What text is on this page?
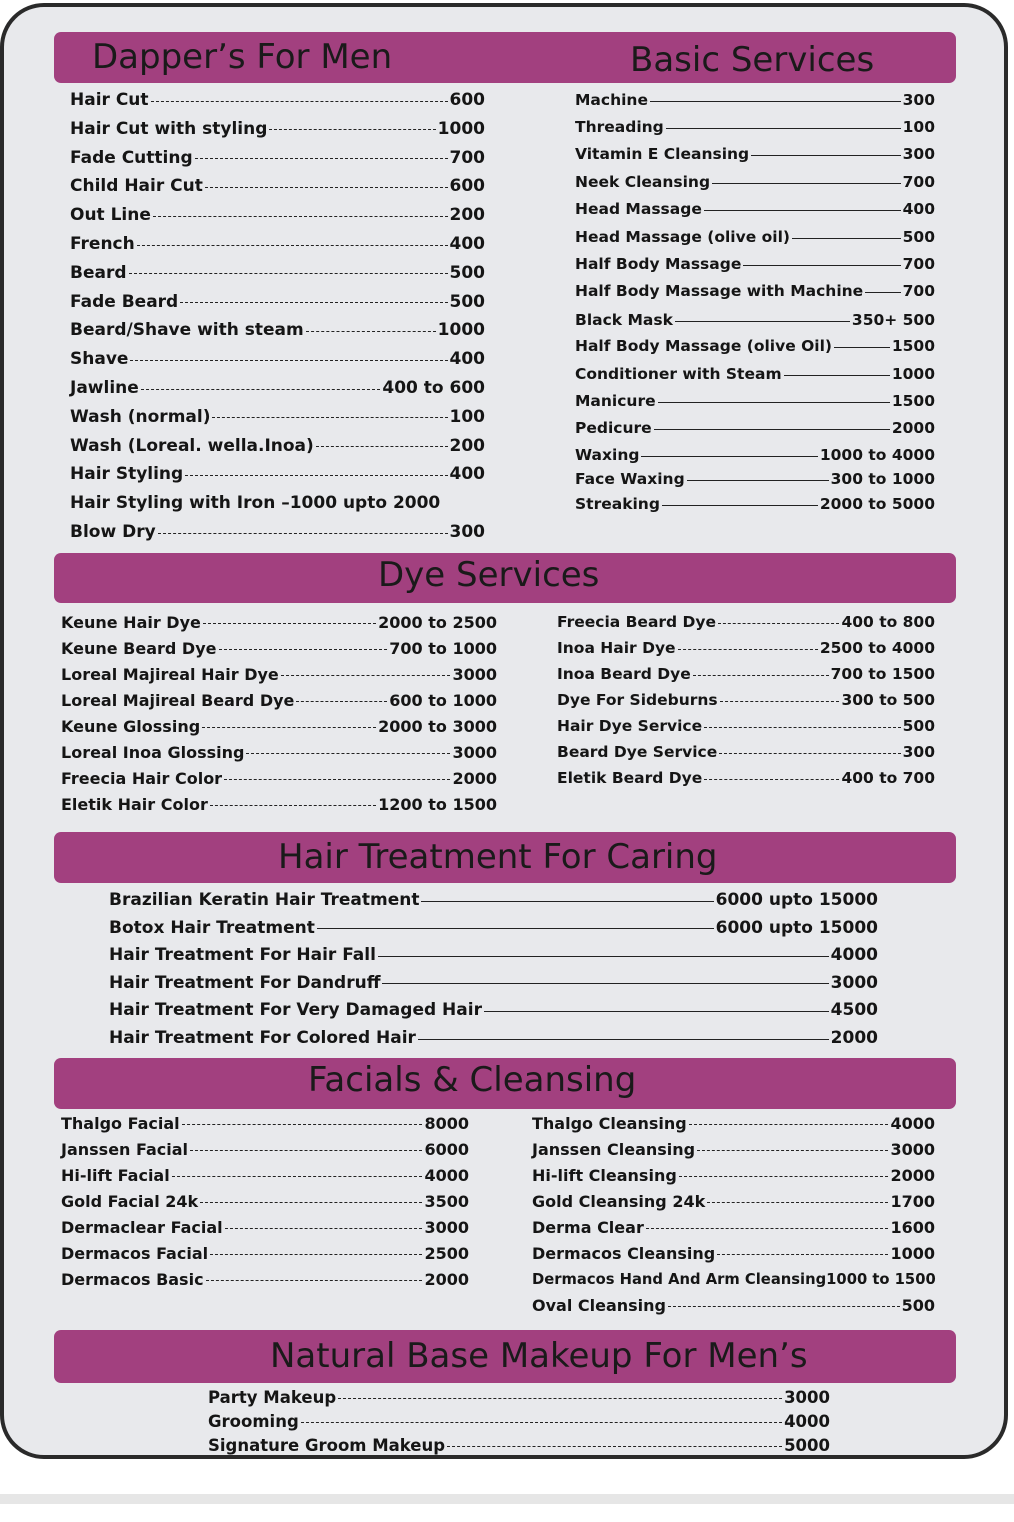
Dapper’s For Men	Basic Services
Dye Services
Hair Treatment For Caring
Facials & Cleansing
Natural Base Makeup For Men’s
Hair Cut	600
Hair Cut with styling	1000
Fade Cutting	700
Child Hair Cut	600
Out Line	200
French	400
Beard	500
Fade Beard	500
Beard/Shave with steam	1000
Shave	400
Jawline	400 to 600
Wash (normal)	100
Wash (Loreal. wella.Inoa)	200
Hair Styling	400
Hair Styling with Iron –1000 upto 2000
Blow Dry	300
Machine	300
Threading	100
Vitamin E Cleansing	300
Neek Cleansing	700
Head Massage	400
Head Massage (olive oil)	500
Half Body Massage	700
Half Body Massage with Machine	700
Black Mask	350+ 500
Half Body Massage (olive Oil)	1500
Conditioner with Steam	1000
Manicure	1500
Pedicure	2000
Waxing	1000 to 4000
Face Waxing	300 to 1000
Streaking	2000 to 5000
Keune Hair Dye	2000 to 2500
Keune Beard Dye	700 to 1000
Loreal Majireal Hair Dye	3000
Loreal Majireal Beard Dye	600 to 1000
Keune Glossing	2000 to 3000
Loreal Inoa Glossing	3000
Freecia Hair Color	2000
Eletik Hair Color	1200 to 1500
Freecia Beard Dye	400 to 800
Inoa Hair Dye	2500 to 4000
Inoa Beard Dye	700 to 1500
Dye For Sideburns	300 to 500
Hair Dye Service	500
Beard Dye Service	300
Eletik Beard Dye	400 to 700
Brazilian Keratin Hair Treatment	6000 upto 15000
Botox Hair Treatment	6000 upto 15000
Hair Treatment For Hair Fall	4000
Hair Treatment For Dandruff	3000
Hair Treatment For Very Damaged Hair	4500
Hair Treatment For Colored Hair	2000
Thalgo Facial	8000
Janssen Facial	6000
Hi-lift Facial	4000
Gold Facial 24k	3500
Dermaclear Facial	3000
Dermacos Facial	2500
Dermacos Basic	2000
Thalgo Cleansing	4000
Janssen Cleansing	3000
Hi-lift Cleansing	2000
Gold Cleansing 24k	1700
Derma Clear	1600
Dermacos Cleansing	1000
Dermacos Hand And Arm Cleansing1000 to 1500
Oval Cleansing	500
Party Makeup	3000
Grooming	4000
Signature Groom Makeup	5000
